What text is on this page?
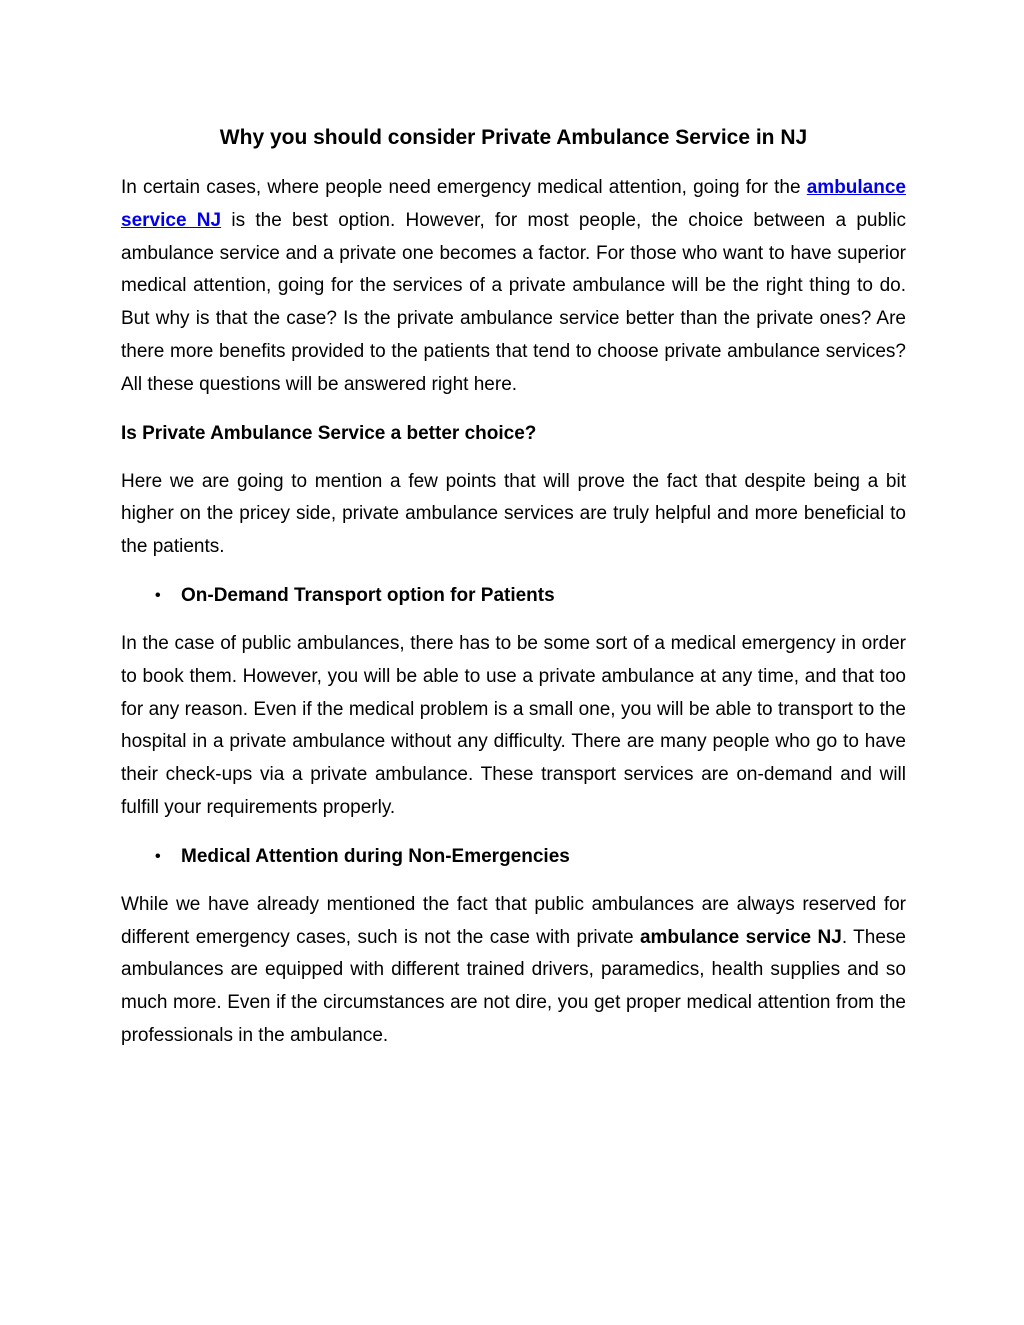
Why you should consider Private Ambulance Service in NJ

In certain cases, where people need emergency medical attention, going for the ambulance service NJ is the best option. However, for most people, the choice between a public ambulance service and a private one becomes a factor. For those who want to have superior medical attention, going for the services of a private ambulance will be the right thing to do. But why is that the case? Is the private ambulance service better than the private ones? Are there more benefits provided to the patients that tend to choose private ambulance services? All these questions will be answered right here.

Is Private Ambulance Service a better choice?

Here we are going to mention a few points that will prove the fact that despite being a bit higher on the pricey side, private ambulance services are truly helpful and more beneficial to the patients.

•	On-Demand Transport option for Patients

In the case of public ambulances, there has to be some sort of a medical emergency in order to book them. However, you will be able to use a private ambulance at any time, and that too for any reason. Even if the medical problem is a small one, you will be able to transport to the hospital in a private ambulance without any difficulty. There are many people who go to have their check-ups via a private ambulance. These transport services are on-demand and will fulfill your requirements properly.

•	Medical Attention during Non-Emergencies

While we have already mentioned the fact that public ambulances are always reserved for different emergency cases, such is not the case with private ambulance service NJ. These ambulances are equipped with different trained drivers, paramedics, health supplies and so much more. Even if the circumstances are not dire, you get proper medical attention from the professionals in the ambulance.
